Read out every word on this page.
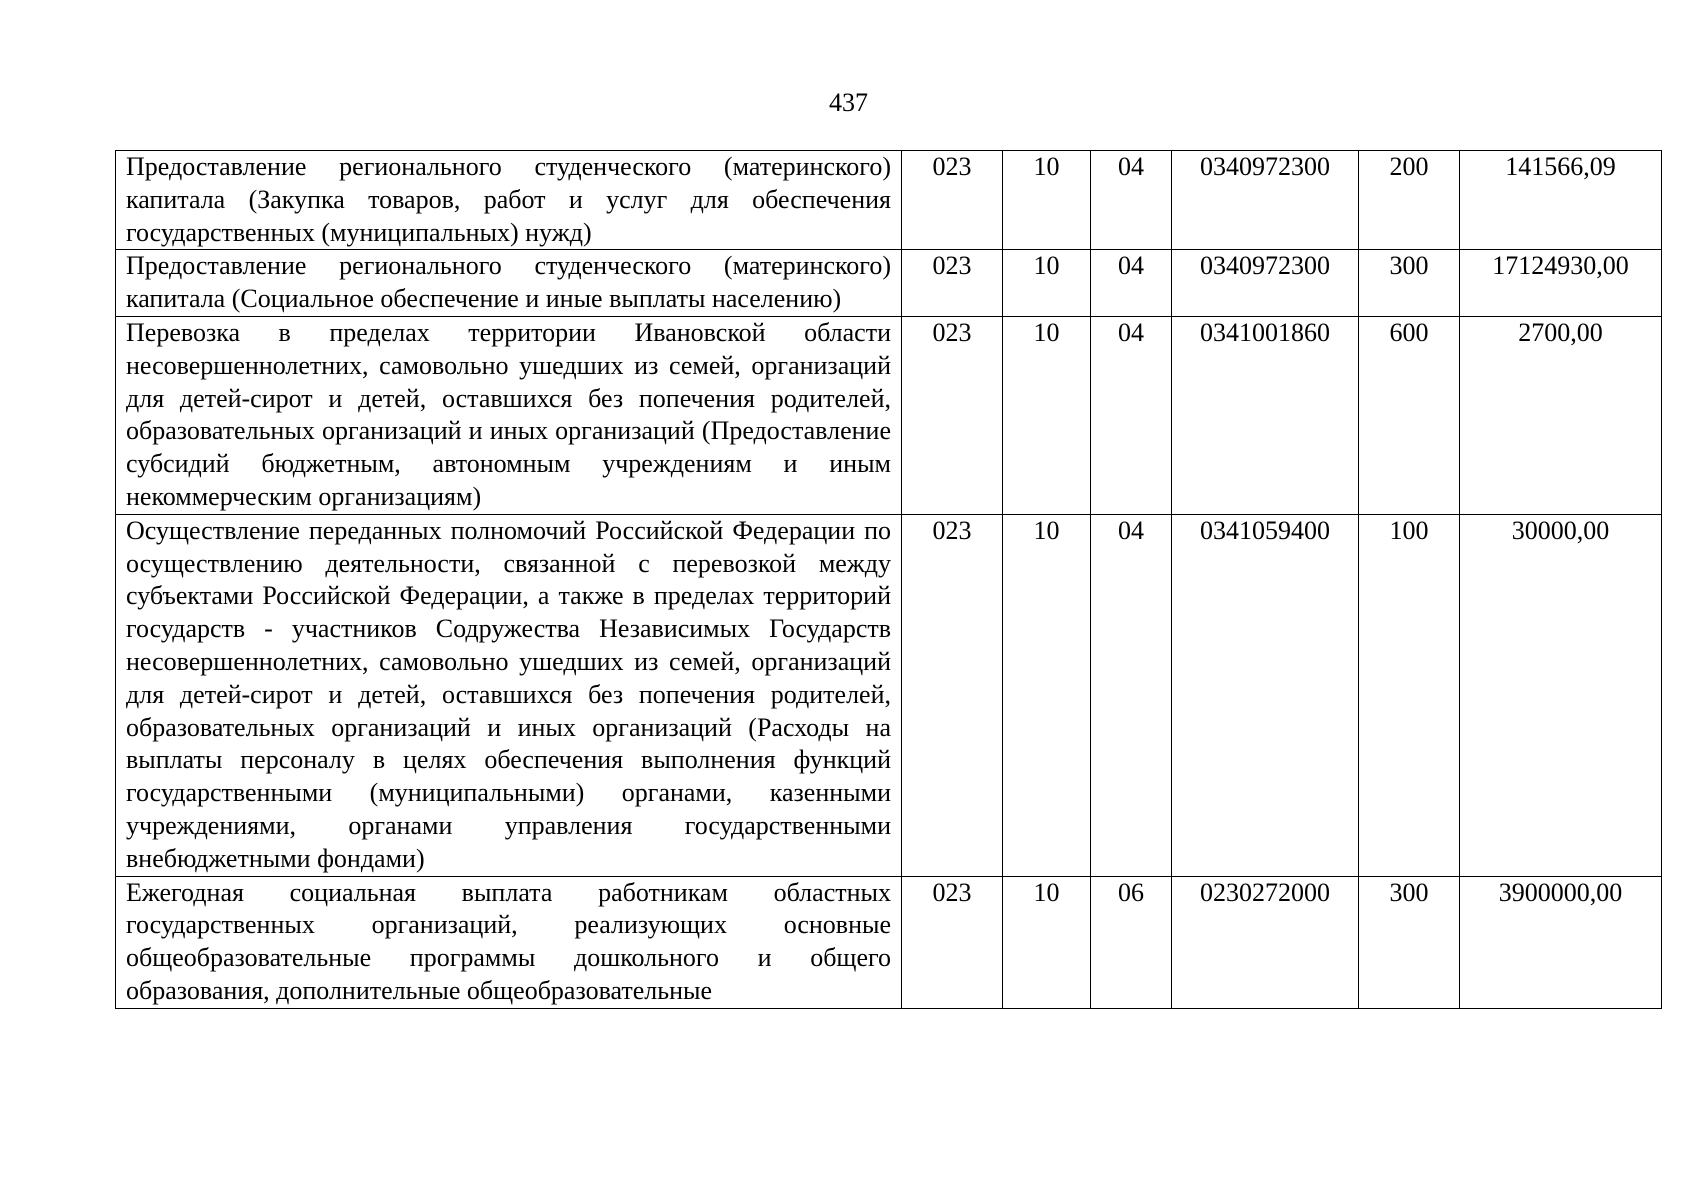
437
Предоставление регионального студенческого (материнского) капитала (Закупка товаров, работ и услуг для обеспечения государственных (муниципальных) нужд)	023	10	04	0340972300	200	141566,09
Предоставление регионального студенческого (материнского) капитала (Социальное обеспечение и иные выплаты населению)	023	10	04	0340972300	300	17124930,00
Перевозка в пределах территории Ивановской области несовершеннолетних, самовольно ушедших из семей, организаций для детей-сирот и детей, оставшихся без попечения родителей, образовательных организаций и иных организаций (Предоставление субсидий бюджетным, автономным учреждениям и иным некоммерческим организациям)	023	10	04	0341001860	600	2700,00
Осуществление переданных полномочий Российской Федерации по осуществлению деятельности, связанной с перевозкой между субъектами Российской Федерации, а также в пределах территорий государств - участников Содружества Независимых Государств несовершеннолетних, самовольно ушедших из семей, организаций для детей-сирот и детей, оставшихся без попечения родителей, образовательных организаций и иных организаций (Расходы на выплаты персоналу в целях обеспечения выполнения функций государственными (муниципальными) органами, казенными учреждениями, органами управления государственными внебюджетными фондами)	023	10	04	0341059400	100	30000,00
Ежегодная социальная выплата работникам областных государственных организаций, реализующих основные общеобразовательные программы дошкольного и общего образования, дополнительные общеобразовательные	023	10	06	0230272000	300	3900000,00
